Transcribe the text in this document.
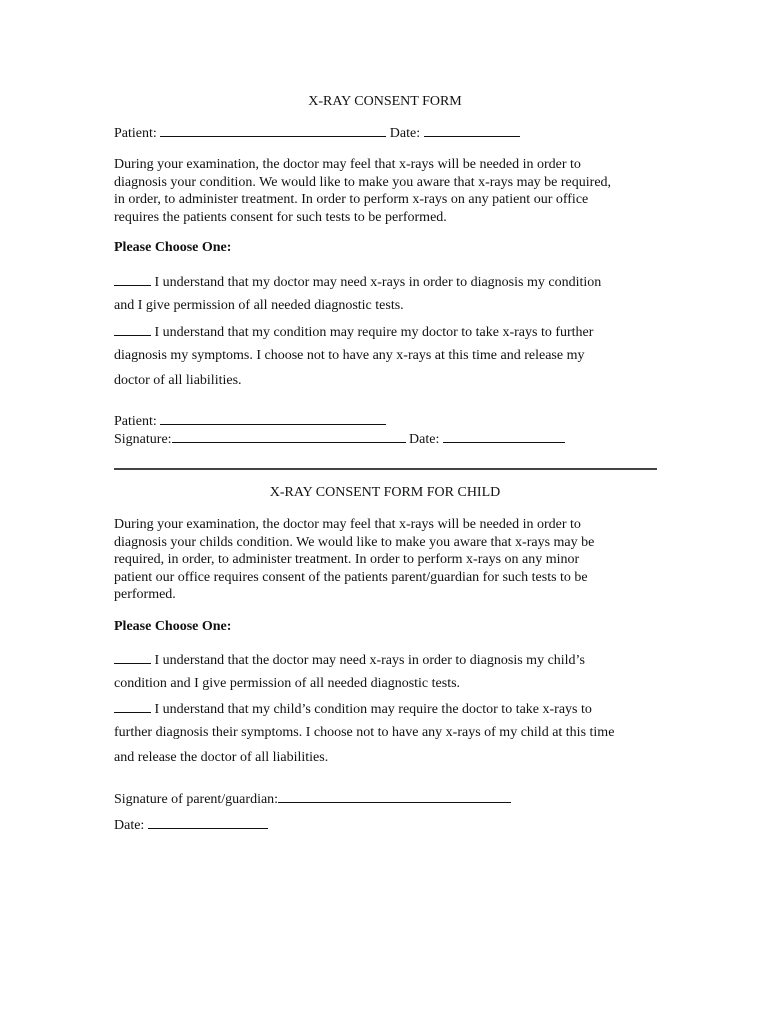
X-RAY CONSENT FORM
Patient:	Date:
During your examination, the doctor may feel that x-rays will be needed in order to
diagnosis your condition. We would like to make you aware that x-rays may be required,
in order, to administer treatment. In order to perform x-rays on any patient our office
requires the patients consent for such tests to be performed.
Please Choose One:
I understand that my doctor may need x-rays in order to diagnosis my condition
and I give permission of all needed diagnostic tests.
I understand that my condition may require my doctor to take x-rays to further
diagnosis my symptoms. I choose not to have any x-rays at this time and release my
doctor of all liabilities.
Patient:
Signature:	Date:
X-RAY CONSENT FORM FOR CHILD
During your examination, the doctor may feel that x-rays will be needed in order to
diagnosis your childs condition. We would like to make you aware that x-rays may be
required, in order, to administer treatment. In order to perform x-rays on any minor
patient our office requires consent of the patients parent/guardian for such tests to be
performed.
Please Choose One:
I understand that the doctor may need x-rays in order to diagnosis my child’s
condition and I give permission of all needed diagnostic tests.
I understand that my child’s condition may require the doctor to take x-rays to
further diagnosis their symptoms. I choose not to have any x-rays of my child at this time
and release the doctor of all liabilities.
Signature of parent/guardian:
Date:
